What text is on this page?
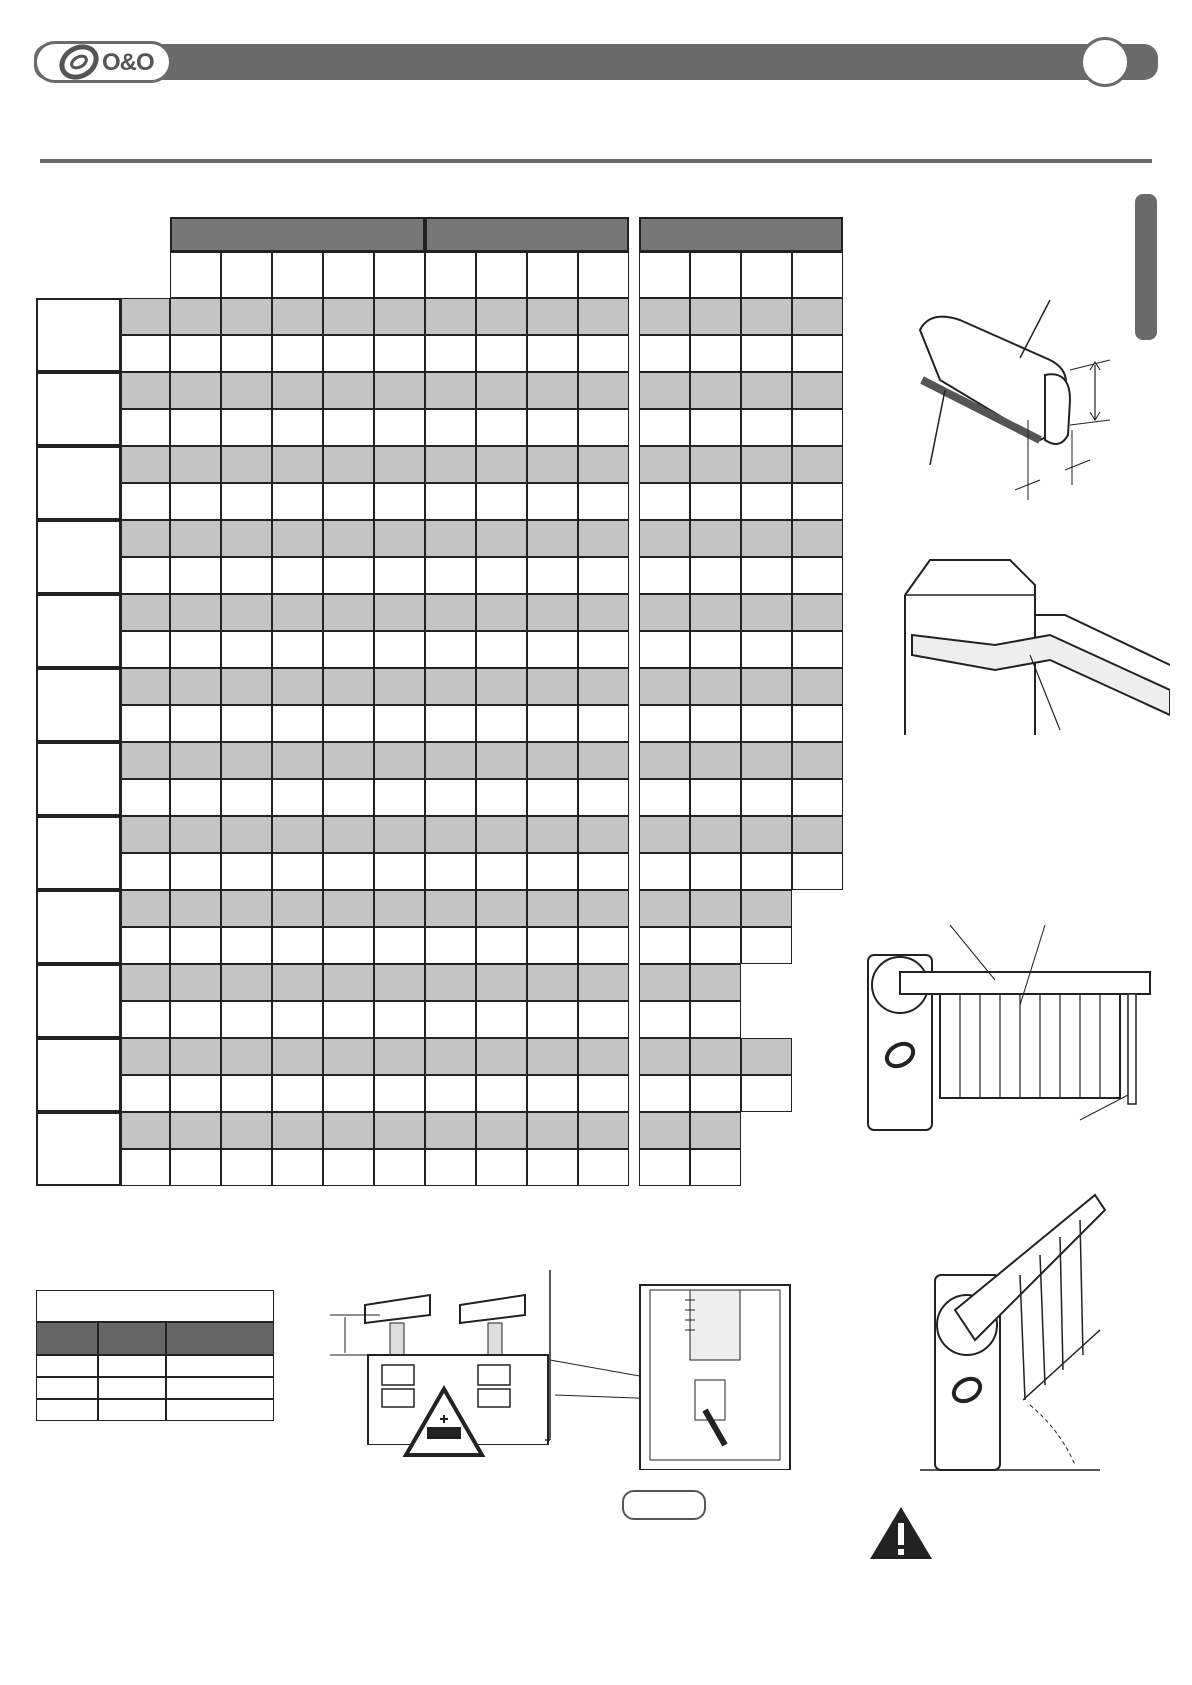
O&O
